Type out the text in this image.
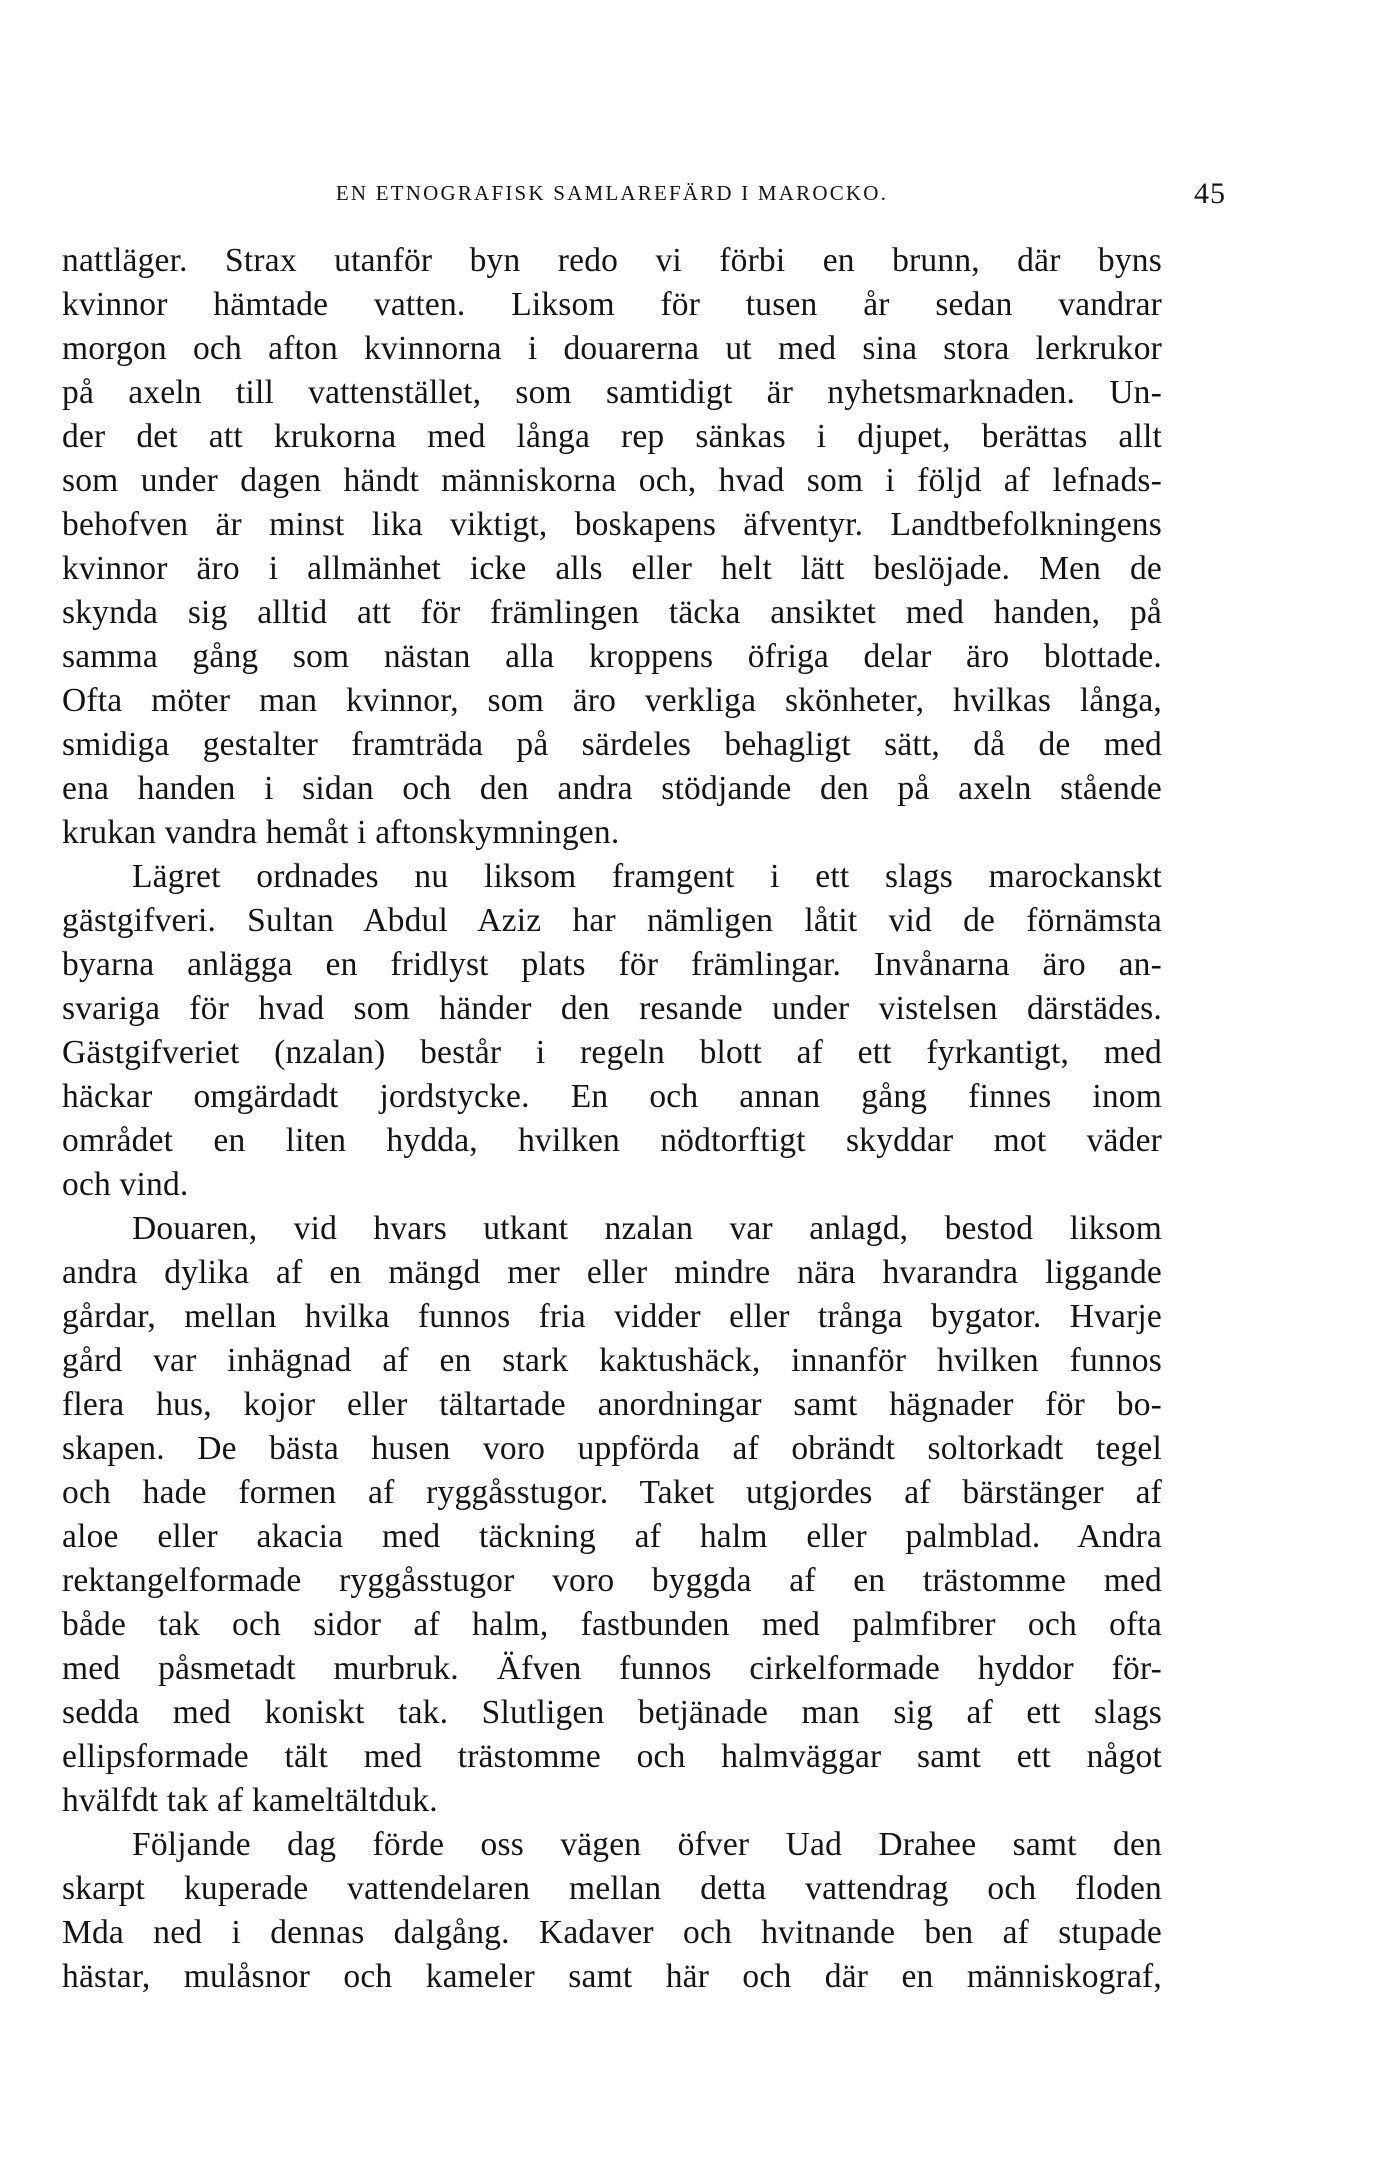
EN ETNOGRAFISK SAMLAREFÄRD I MAROCKO.	45

nattläger. Strax utanför byn redo vi förbi en brunn, där byns
kvinnor hämtade vatten. Liksom för tusen år sedan vandrar
morgon och afton kvinnorna i douarerna ut med sina stora lerkrukor
på axeln till vattenstället, som samtidigt är nyhetsmarknaden. Un-
der det att krukorna med långa rep sänkas i djupet, berättas allt
som under dagen händt människorna och, hvad som i följd af lefnads-
behofven är minst lika viktigt, boskapens äfventyr. Landtbefolkningens
kvinnor äro i allmänhet icke alls eller helt lätt beslöjade. Men de
skynda sig alltid att för främlingen täcka ansiktet med handen, på
samma gång som nästan alla kroppens öfriga delar äro blottade.
Ofta möter man kvinnor, som äro verkliga skönheter, hvilkas långa,
smidiga gestalter framträda på särdeles behagligt sätt, då de med
ena handen i sidan och den andra stödjande den på axeln stående
krukan vandra hemåt i aftonskymningen.

Lägret ordnades nu liksom framgent i ett slags marockanskt
gästgifveri. Sultan Abdul Aziz har nämligen låtit vid de förnämsta
byarna anlägga en fridlyst plats för främlingar. Invånarna äro an-
svariga för hvad som händer den resande under vistelsen därstädes.
Gästgifveriet (nzalan) består i regeln blott af ett fyrkantigt, med
häckar omgärdadt jordstycke. En och annan gång finnes inom
området en liten hydda, hvilken nödtorftigt skyddar mot väder
och vind.

Douaren, vid hvars utkant nzalan var anlagd, bestod liksom
andra dylika af en mängd mer eller mindre nära hvarandra liggande
gårdar, mellan hvilka funnos fria vidder eller trånga bygator. Hvarje
gård var inhägnad af en stark kaktushäck, innanför hvilken funnos
flera hus, kojor eller tältartade anordningar samt hägnader för bo-
skapen. De bästa husen voro uppförda af obrändt soltorkadt tegel
och hade formen af ryggåsstugor. Taket utgjordes af bärstänger af
aloe eller akacia med täckning af halm eller palmblad. Andra
rektangelformade ryggåsstugor voro byggda af en trästomme med
både tak och sidor af halm, fastbunden med palmfibrer och ofta
med påsmetadt murbruk. Äfven funnos cirkelformade hyddor för-
sedda med koniskt tak. Slutligen betjänade man sig af ett slags
ellipsformade tält med trästomme och halmväggar samt ett något
hvälfdt tak af kameltältduk.

Följande dag förde oss vägen öfver Uad Drahee samt den
skarpt kuperade vattendelaren mellan detta vattendrag och floden
Mda ned i dennas dalgång. Kadaver och hvitnande ben af stupade
hästar, mulåsnor och kameler samt här och där en människograf,
